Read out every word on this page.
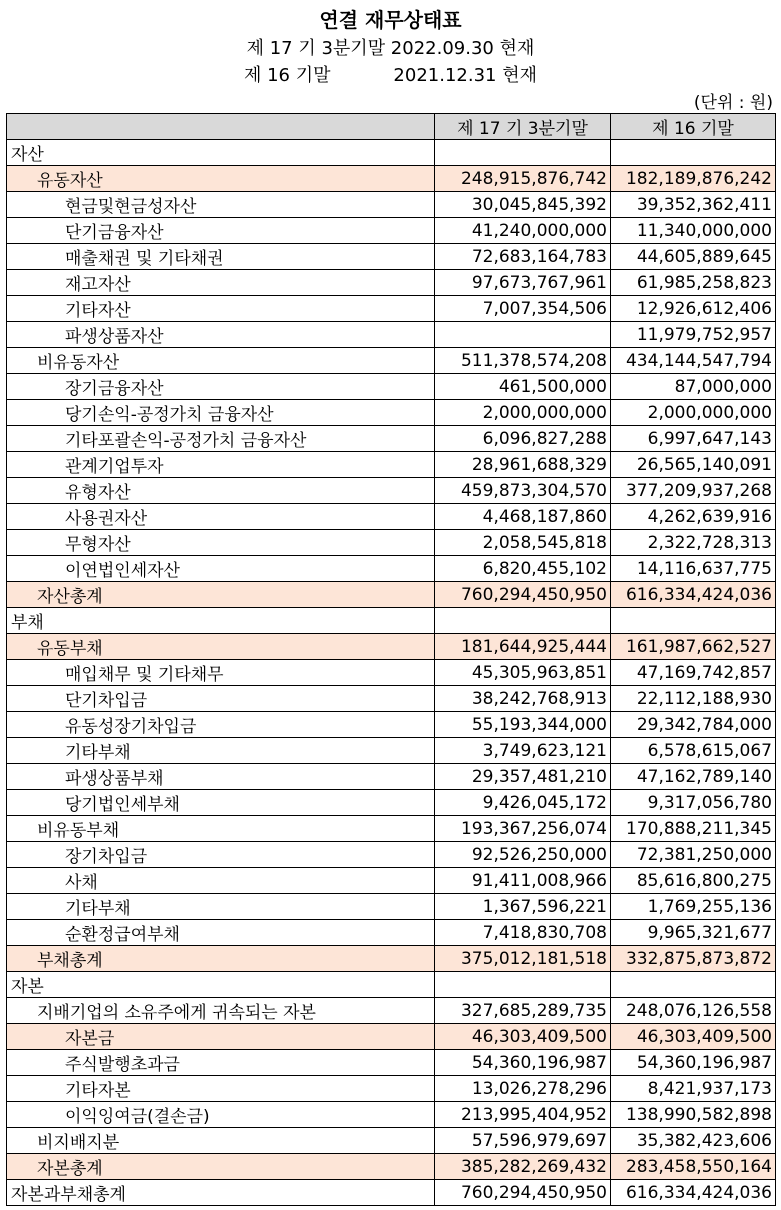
연결 재무상태표
제 17 기 3분기말 2022.09.30 현재
제 16 기말           2021.12.31 현재
(단위 : 원)
	제 17 기 3분기말	제 16 기말
자산		
유동자산	248,915,876,742	182,189,876,242
현금및현금성자산	30,045,845,392	39,352,362,411
단기금융자산	41,240,000,000	11,340,000,000
매출채권 및 기타채권	72,683,164,783	44,605,889,645
재고자산	97,673,767,961	61,985,258,823
기타자산	7,007,354,506	12,926,612,406
파생상품자산		11,979,752,957
비유동자산	511,378,574,208	434,144,547,794
장기금융자산	461,500,000	87,000,000
당기손익-공정가치 금융자산	2,000,000,000	2,000,000,000
기타포괄손익-공정가치 금융자산	6,096,827,288	6,997,647,143
관계기업투자	28,961,688,329	26,565,140,091
유형자산	459,873,304,570	377,209,937,268
사용권자산	4,468,187,860	4,262,639,916
무형자산	2,058,545,818	2,322,728,313
이연법인세자산	6,820,455,102	14,116,637,775
자산총계	760,294,450,950	616,334,424,036
부채		
유동부채	181,644,925,444	161,987,662,527
매입채무 및 기타채무	45,305,963,851	47,169,742,857
단기차입금	38,242,768,913	22,112,188,930
유동성장기차입금	55,193,344,000	29,342,784,000
기타부채	3,749,623,121	6,578,615,067
파생상품부채	29,357,481,210	47,162,789,140
당기법인세부채	9,426,045,172	9,317,056,780
비유동부채	193,367,256,074	170,888,211,345
장기차입금	92,526,250,000	72,381,250,000
사채	91,411,008,966	85,616,800,275
기타부채	1,367,596,221	1,769,255,136
순환정급여부채	7,418,830,708	9,965,321,677
부채총계	375,012,181,518	332,875,873,872
자본		
지배기업의 소유주에게 귀속되는 자본	327,685,289,735	248,076,126,558
자본금	46,303,409,500	46,303,409,500
주식발행초과금	54,360,196,987	54,360,196,987
기타자본	13,026,278,296	8,421,937,173
이익잉여금(결손금)	213,995,404,952	138,990,582,898
비지배지분	57,596,979,697	35,382,423,606
자본총계	385,282,269,432	283,458,550,164
자본과부채총계	760,294,450,950	616,334,424,036
